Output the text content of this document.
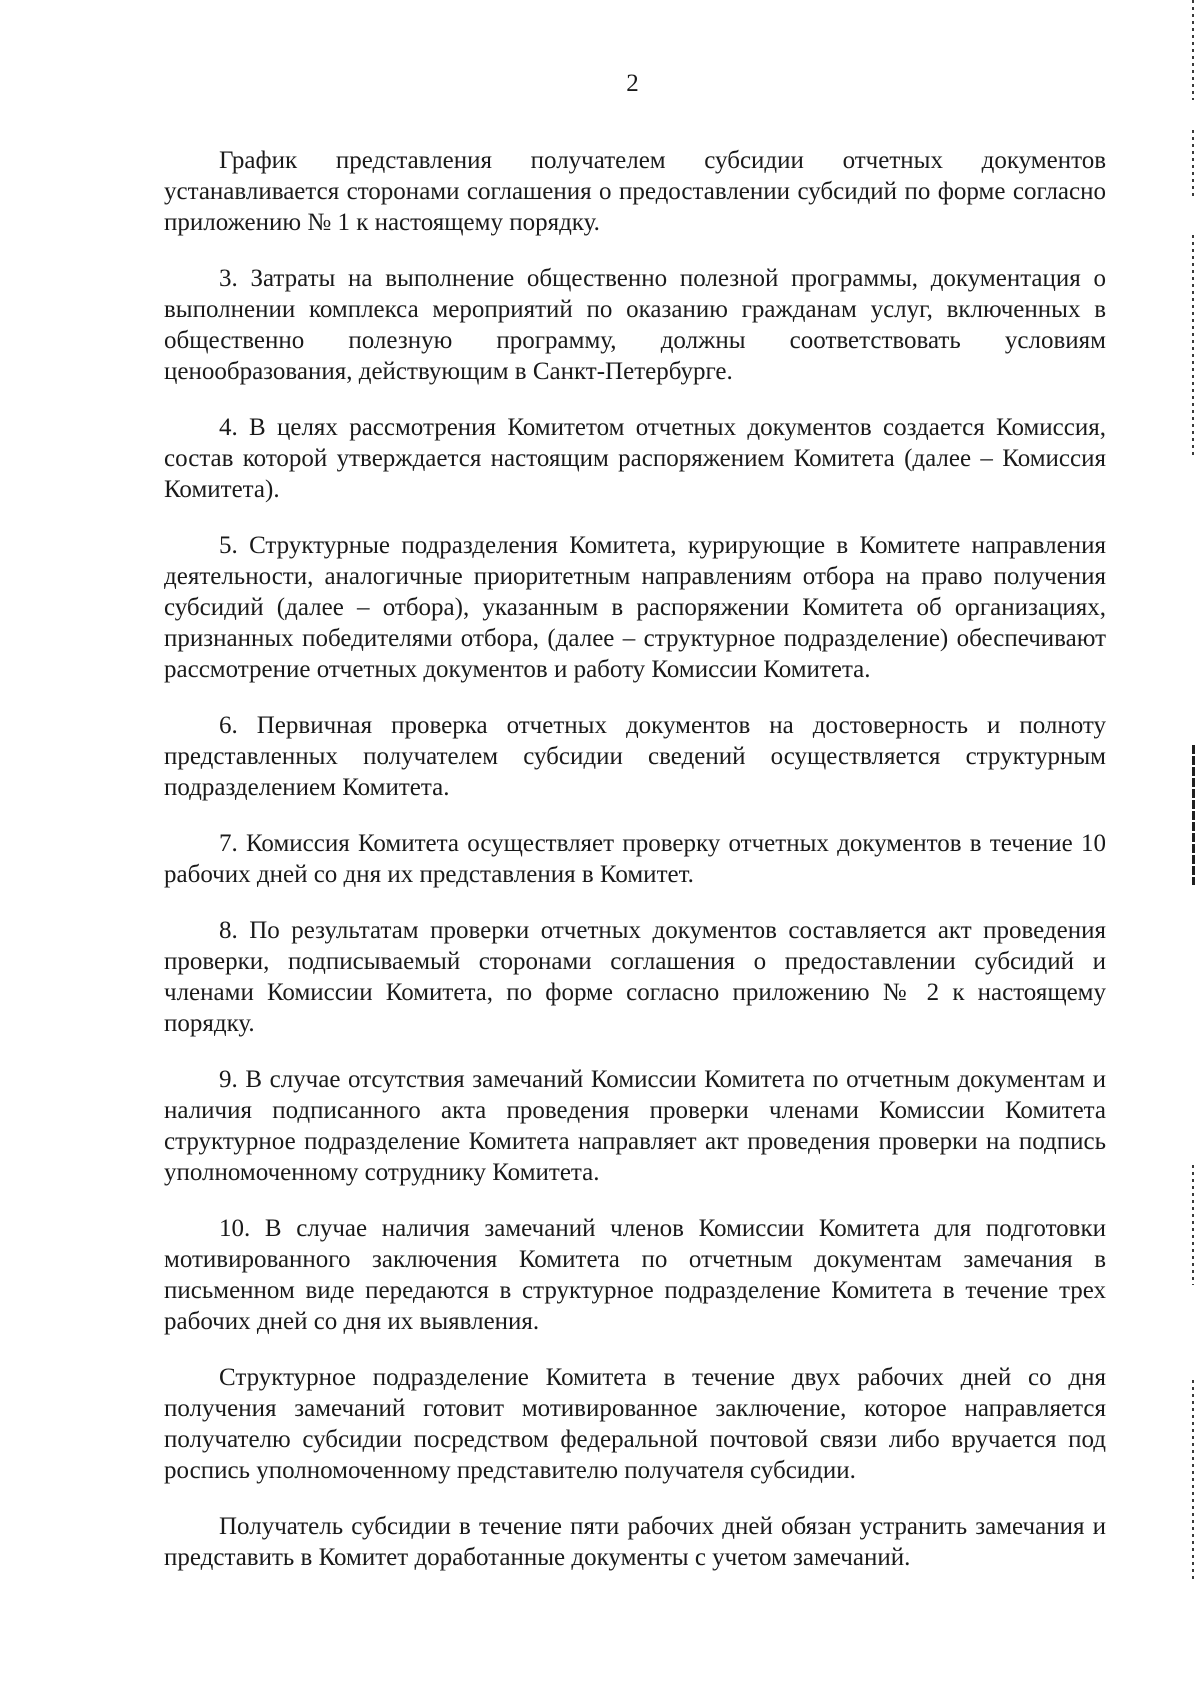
2

График представления получателем субсидии отчетных документов устанавливается сторонами соглашения о предоставлении субсидий по форме согласно приложению № 1 к настоящему порядку.

3. Затраты на выполнение общественно полезной программы, документация о выполнении комплекса мероприятий по оказанию гражданам услуг, включенных в общественно полезную программу, должны соответствовать условиям ценообразования, действующим в Санкт-Петербурге.

4. В целях рассмотрения Комитетом отчетных документов создается Комиссия, состав которой утверждается настоящим распоряжением Комитета (далее – Комиссия Комитета).

5. Структурные подразделения Комитета, курирующие в Комитете направления деятельности, аналогичные приоритетным направлениям отбора на право получения субсидий (далее – отбора), указанным в распоряжении Комитета об организациях, признанных победителями отбора, (далее – структурное подразделение) обеспечивают рассмотрение отчетных документов и работу Комиссии Комитета.

6. Первичная проверка отчетных документов на достоверность и полноту представленных получателем субсидии сведений осуществляется структурным подразделением Комитета.

7. Комиссия Комитета осуществляет проверку отчетных документов в течение 10 рабочих дней со дня их представления в Комитет.

8. По результатам проверки отчетных документов составляется акт проведения проверки, подписываемый сторонами соглашения о предоставлении субсидий и членами Комиссии Комитета, по форме согласно приложению № 2 к настоящему порядку.

9. В случае отсутствия замечаний Комиссии Комитета по отчетным документам и наличия подписанного акта проведения проверки членами Комиссии Комитета структурное подразделение Комитета направляет акт проведения проверки на подпись уполномоченному сотруднику Комитета.

10. В случае наличия замечаний членов Комиссии Комитета для подготовки мотивированного заключения Комитета по отчетным документам замечания в письменном виде передаются в структурное подразделение Комитета в течение трех рабочих дней со дня их выявления.

Структурное подразделение Комитета в течение двух рабочих дней со дня получения замечаний готовит мотивированное заключение, которое направляется получателю субсидии посредством федеральной почтовой связи либо вручается под роспись уполномоченному представителю получателя субсидии.

Получатель субсидии в течение пяти рабочих дней обязан устранить замечания и представить в Комитет доработанные документы с учетом замечаний.
